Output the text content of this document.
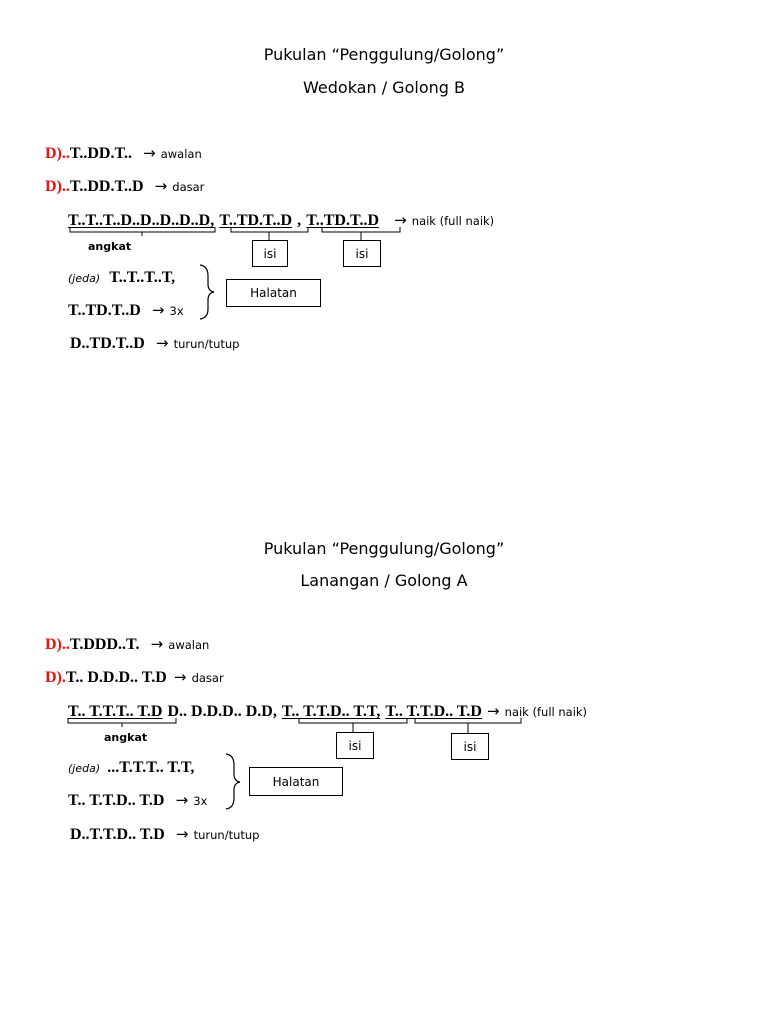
Pukulan “Penggulung/Golong”
Wedokan / Golong B
D)..T..DD.T.. → awalan
D)..T..DD.T..D → dasar
T..T..T..D..D..D..D..D, T..TD.T..D , T..TD.T..D → naik (full naik)
angkat	isi	isi
(jeda) T..T..T..T,
Halatan
T..TD.T..D → 3x
D..TD.T..D → turun/tutup
Pukulan “Penggulung/Golong”
Lanangan / Golong A
D)..T.DDD..T. → awalan
D).T.. D.D.D.. T.D → dasar
T.. T.T.T.. T.D D.. D.D.D.. D.D, T.. T.T.D.. T.T, T.. T.T.D.. T.D → naik (full naik)
angkat
isi	isi
(jeda) ...T.T.T.. T.T,
Halatan
T.. T.T.D.. T.D → 3x
D..T.T.D.. T.D → turun/tutup
